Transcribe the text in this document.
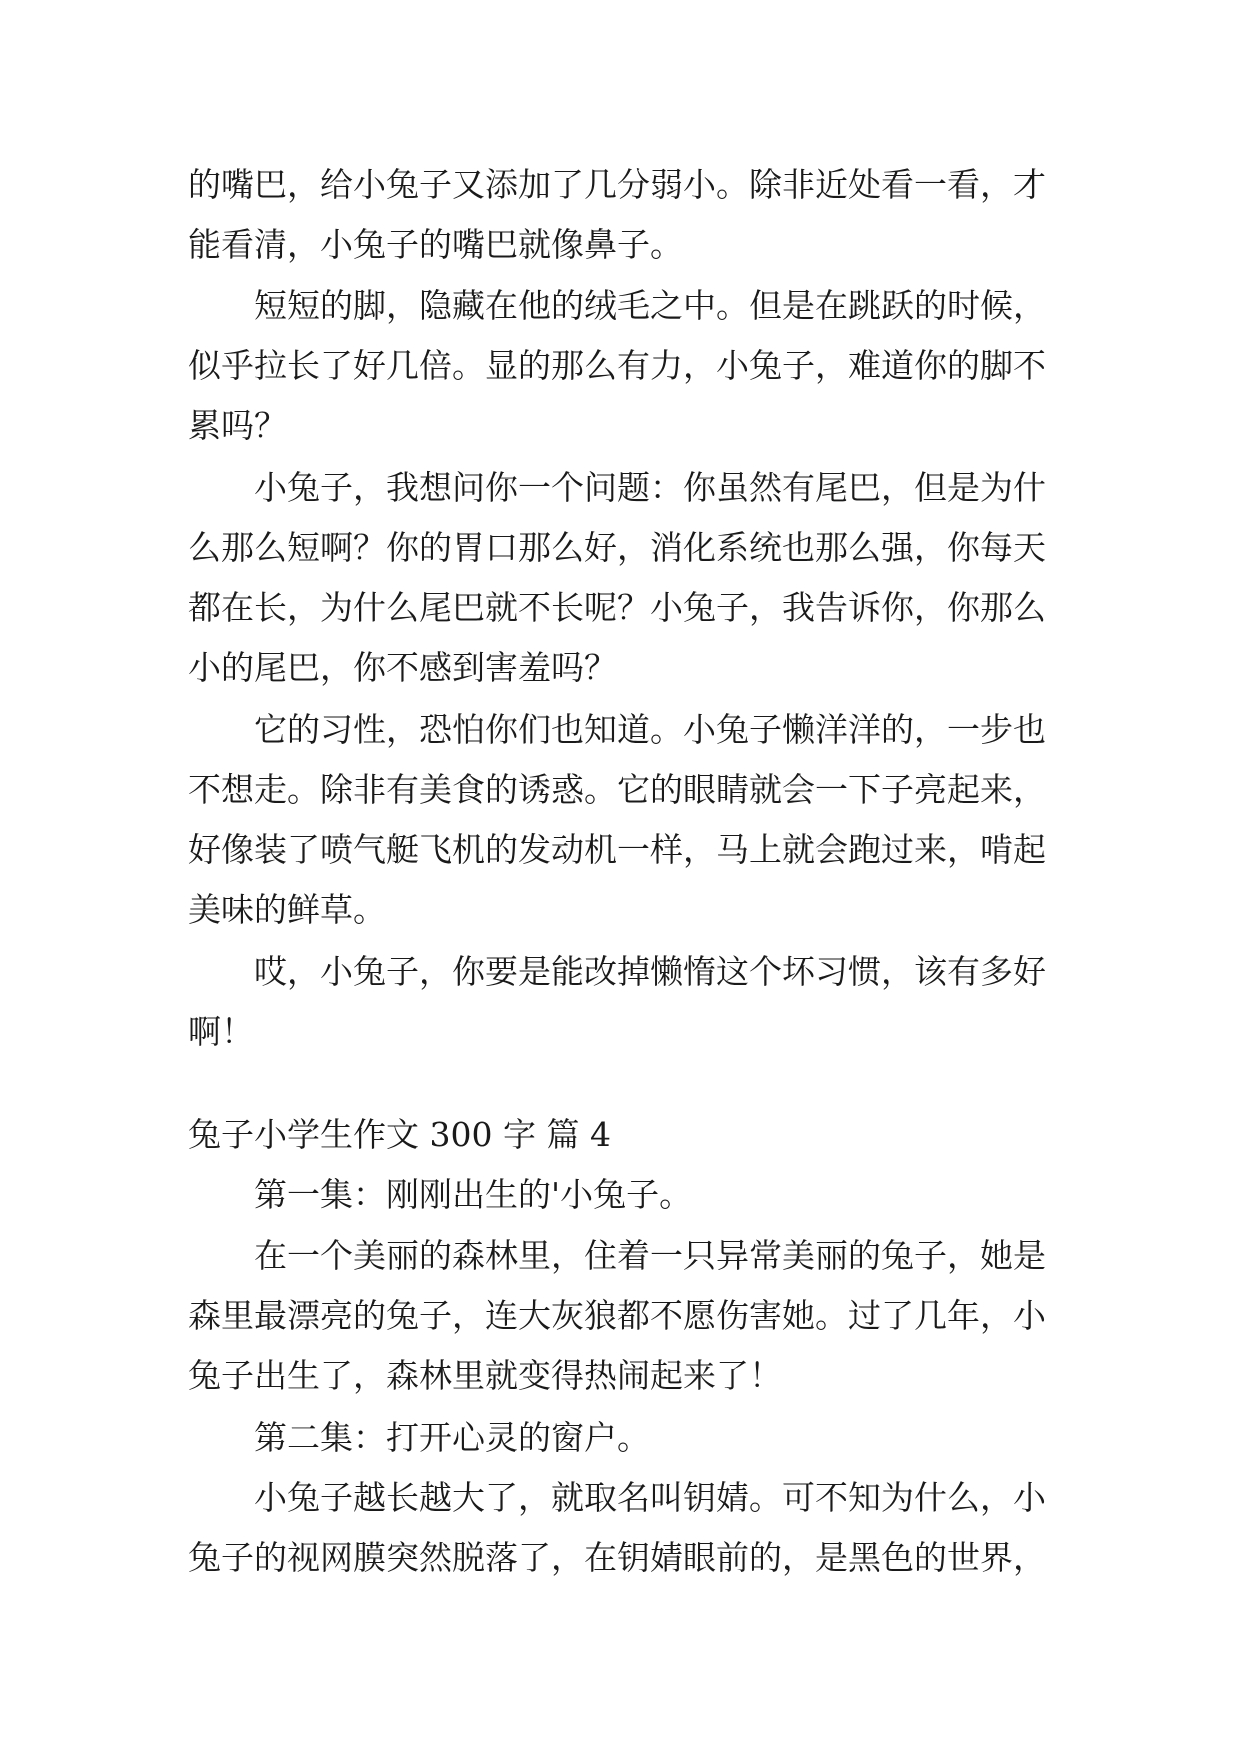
的嘴巴，给小兔子又添加了几分弱小。除非近处看一看，才
能看清，小兔子的嘴巴就像鼻子。
短短的脚，隐藏在他的绒毛之中。但是在跳跃的时候，
似乎拉长了好几倍。显的那么有力，小兔子，难道你的脚不
累吗？
小兔子，我想问你一个问题：你虽然有尾巴，但是为什
么那么短啊？你的胃口那么好，消化系统也那么强，你每天
都在长，为什么尾巴就不长呢？小兔子，我告诉你，你那么
小的尾巴，你不感到害羞吗？
它的习性，恐怕你们也知道。小兔子懒洋洋的，一步也
不想走。除非有美食的诱惑。它的眼睛就会一下子亮起来，
好像装了喷气艇飞机的发动机一样，马上就会跑过来，啃起
美味的鲜草。
哎，小兔子，你要是能改掉懒惰这个坏习惯，该有多好
啊！
兔子小学生作文 300 字 篇 4
第一集：刚刚出生的'小兔子。
在一个美丽的森林里，住着一只异常美丽的兔子，她是
森里最漂亮的兔子，连大灰狼都不愿伤害她。过了几年，小
兔子出生了，森林里就变得热闹起来了！
第二集：打开心灵的窗户。
小兔子越长越大了，就取名叫钥婧。可不知为什么，小
兔子的视网膜突然脱落了，在钥婧眼前的，是黑色的世界，
